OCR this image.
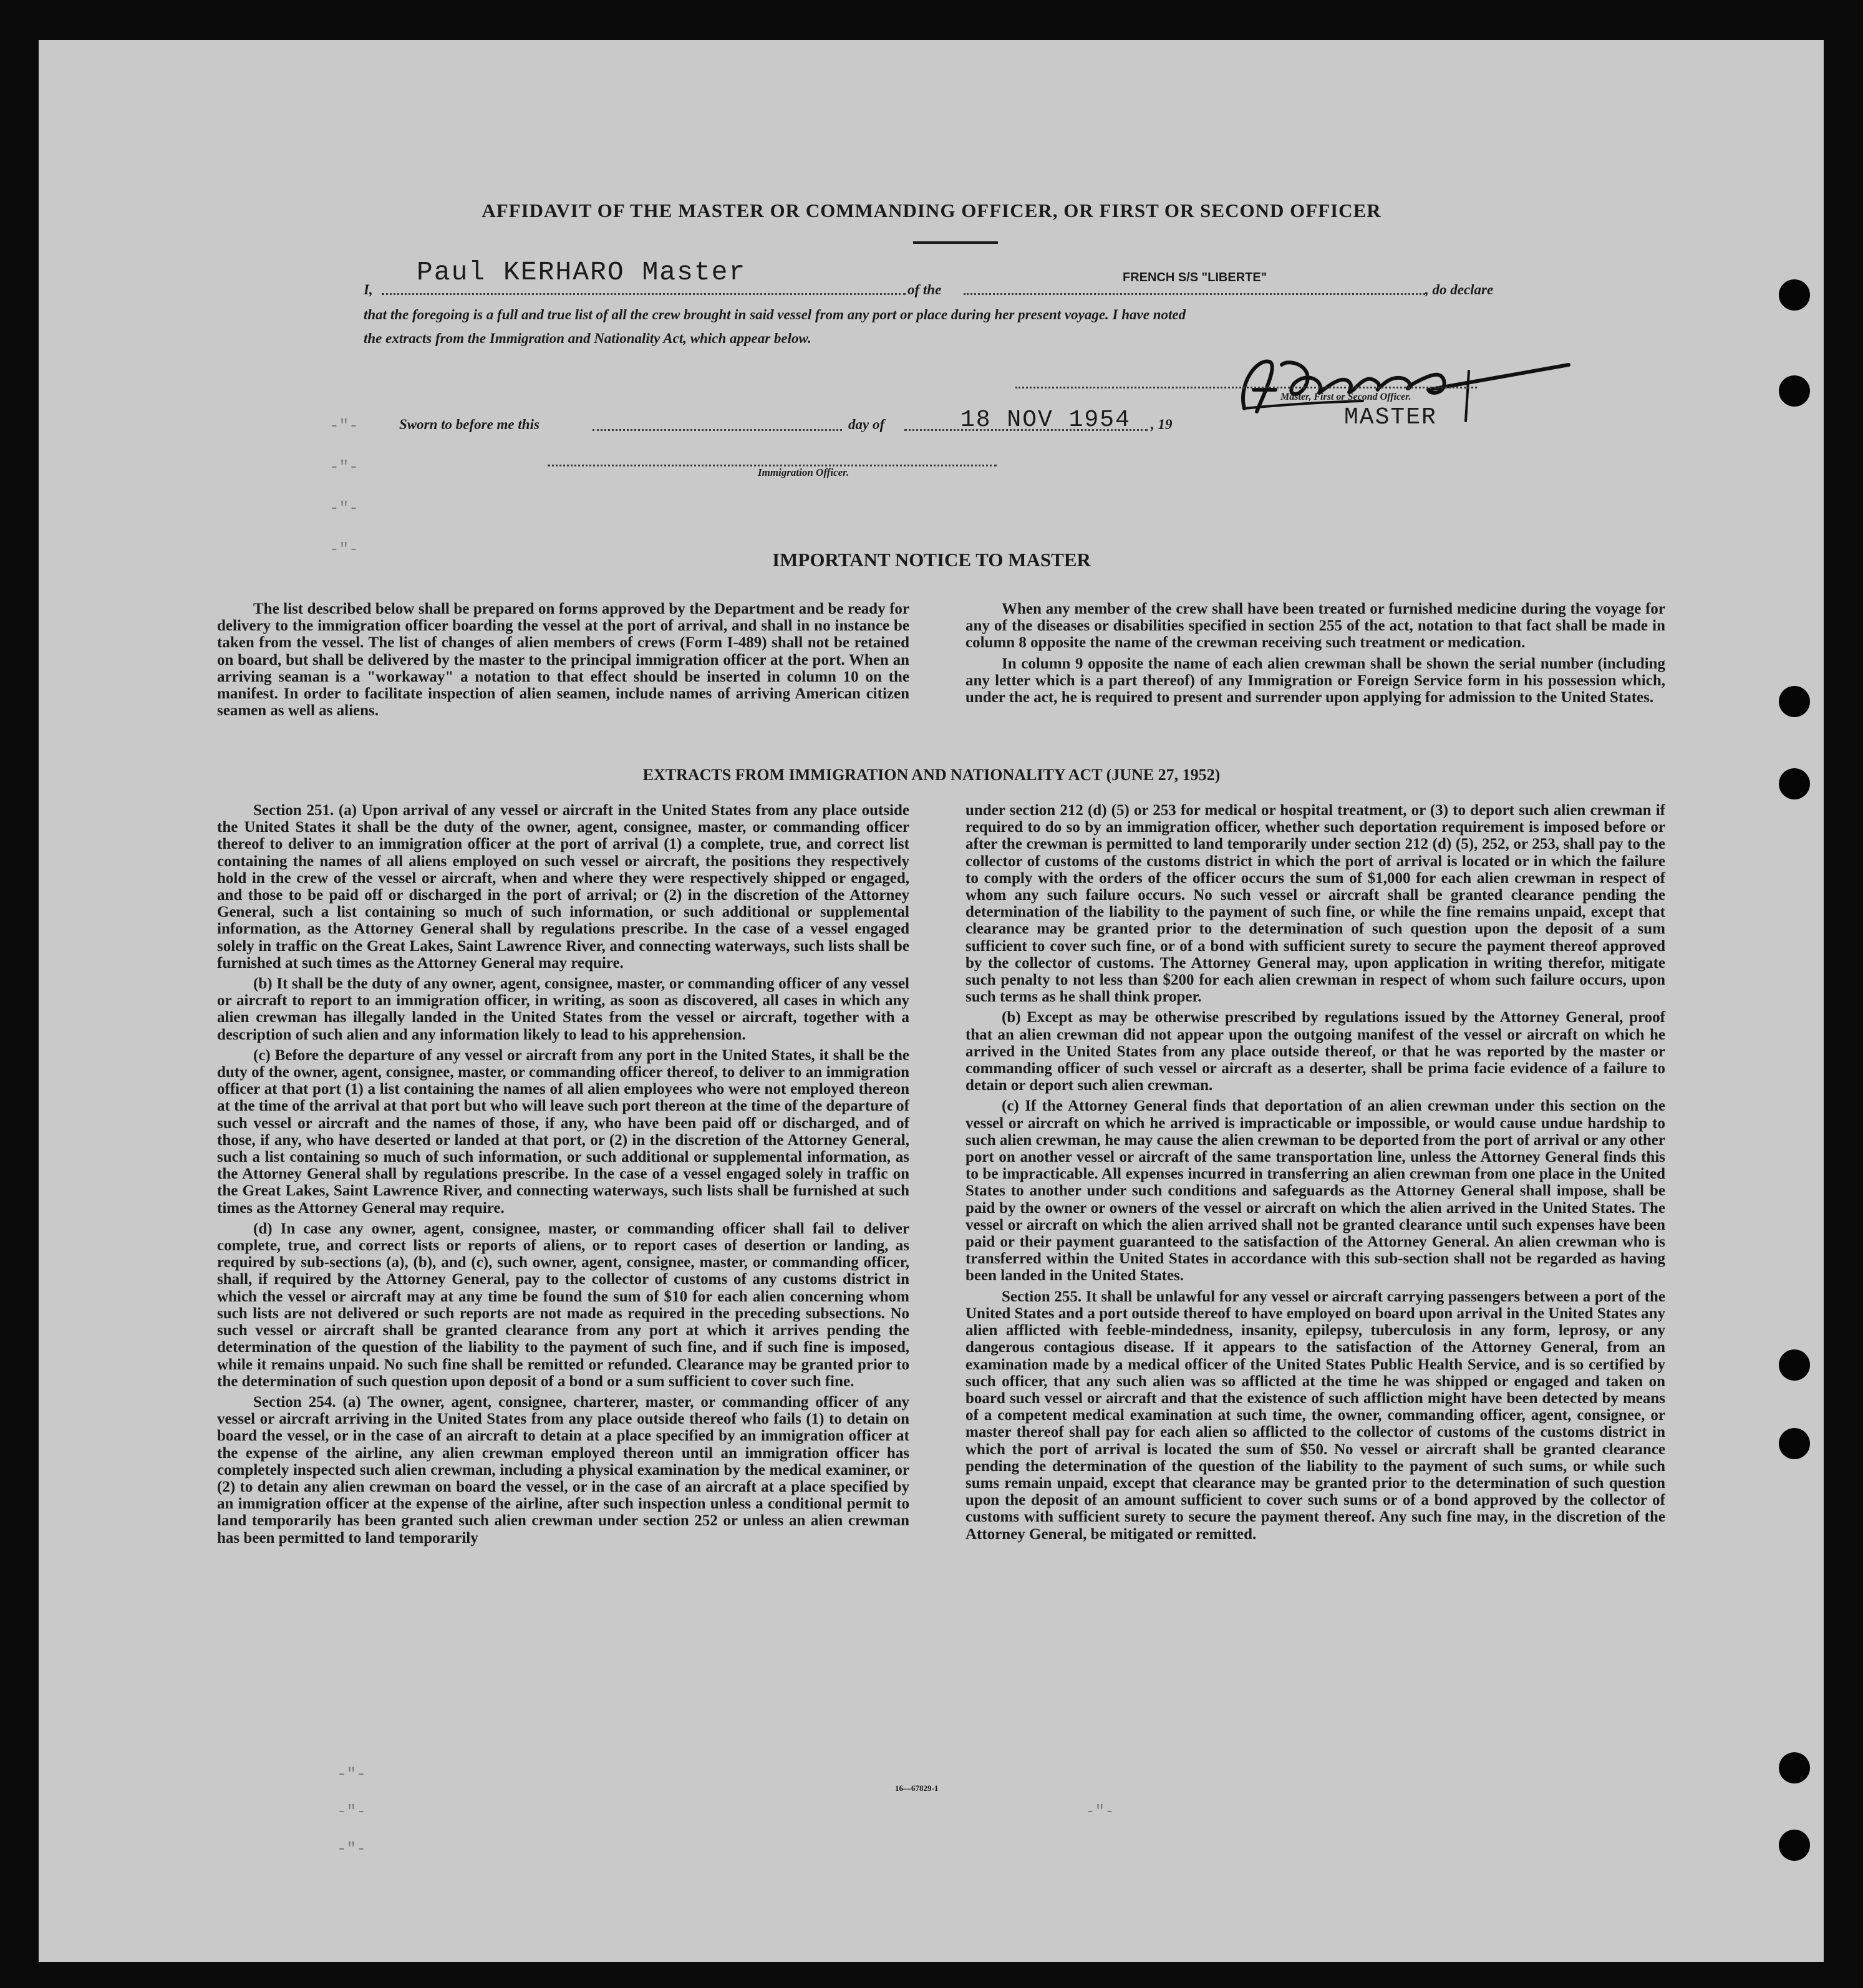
-"-
-"-
-"-
-"-
-"-
-"-
-"-
-"-
AFFIDAVIT OF THE MASTER OR COMMANDING OFFICER, OR FIRST OR SECOND OFFICER
I,
Paul KERHARO Master
of the
FRENCH S/S "LIBERTE"
, do declare
that the foregoing is a full and true list of all the crew brought in said vessel from any port or place during her present voyage. I have noted
the extracts from the Immigration and Nationality Act, which appear below.
Master, First or Second Officer.
MASTER
Sworn to before me this	day of	18 NOV 1954 , 19
Immigration Officer.
IMPORTANT NOTICE TO MASTER

The list described below shall be prepared on forms approved by the Department and be ready for delivery to the immigration officer boarding the vessel at the port of arrival, and shall in no instance be taken from the vessel. The list of changes of alien members of crews (Form I-489) shall not be retained on board, but shall be delivered by the master to the principal immigration officer at the port. When an arriving seaman is a "workaway" a notation to that effect should be inserted in column 10 on the manifest. In order to facilitate inspection of alien seamen, include names of arriving American citizen seamen as well as aliens.

When any member of the crew shall have been treated or furnished medicine during the voyage for any of the diseases or disabilities specified in section 255 of the act, notation to that fact shall be made in column 8 opposite the name of the crewman receiving such treatment or medication.

In column 9 opposite the name of each alien crewman shall be shown the serial number (including any letter which is a part thereof) of any Immigration or Foreign Service form in his possession which, under the act, he is required to present and surrender upon applying for admission to the United States.

EXTRACTS FROM IMMIGRATION AND NATIONALITY ACT (JUNE 27, 1952)

Section 251. (a) Upon arrival of any vessel or aircraft in the United States from any place outside the United States it shall be the duty of the owner, agent, consignee, master, or commanding officer thereof to deliver to an immigration officer at the port of arrival (1) a complete, true, and correct list containing the names of all aliens employed on such vessel or aircraft, the positions they respectively hold in the crew of the vessel or aircraft, when and where they were respectively shipped or engaged, and those to be paid off or discharged in the port of arrival; or (2) in the discretion of the Attorney General, such a list containing so much of such information, or such additional or supplemental information, as the Attorney General shall by regulations prescribe. In the case of a vessel engaged solely in traffic on the Great Lakes, Saint Lawrence River, and connecting waterways, such lists shall be furnished at such times as the Attorney General may require.

(b) It shall be the duty of any owner, agent, consignee, master, or commanding officer of any vessel or aircraft to report to an immigration officer, in writing, as soon as discovered, all cases in which any alien crewman has illegally landed in the United States from the vessel or aircraft, together with a description of such alien and any information likely to lead to his apprehension.

(c) Before the departure of any vessel or aircraft from any port in the United States, it shall be the duty of the owner, agent, consignee, master, or commanding officer thereof, to deliver to an immigration officer at that port (1) a list containing the names of all alien employees who were not employed thereon at the time of the arrival at that port but who will leave such port thereon at the time of the departure of such vessel or aircraft and the names of those, if any, who have been paid off or discharged, and of those, if any, who have deserted or landed at that port, or (2) in the discretion of the Attorney General, such a list containing so much of such information, or such additional or supplemental information, as the Attorney General shall by regulations prescribe. In the case of a vessel engaged solely in traffic on the Great Lakes, Saint Lawrence River, and connecting waterways, such lists shall be furnished at such times as the Attorney General may require.

(d) In case any owner, agent, consignee, master, or commanding officer shall fail to deliver complete, true, and correct lists or reports of aliens, or to report cases of desertion or landing, as required by sub-sections (a), (b), and (c), such owner, agent, consignee, master, or commanding officer, shall, if required by the Attorney General, pay to the collector of customs of any customs district in which the vessel or aircraft may at any time be found the sum of $10 for each alien concerning whom such lists are not delivered or such reports are not made as required in the preceding subsections. No such vessel or aircraft shall be granted clearance from any port at which it arrives pending the determination of the question of the liability to the payment of such fine, and if such fine is imposed, while it remains unpaid. No such fine shall be remitted or refunded. Clearance may be granted prior to the determination of such question upon deposit of a bond or a sum sufficient to cover such fine.

Section 254. (a) The owner, agent, consignee, charterer, master, or commanding officer of any vessel or aircraft arriving in the United States from any place outside thereof who fails (1) to detain on board the vessel, or in the case of an aircraft to detain at a place specified by an immigration officer at the expense of the airline, any alien crewman employed thereon until an immigration officer has completely inspected such alien crewman, including a physical examination by the medical examiner, or (2) to detain any alien crewman on board the vessel, or in the case of an aircraft at a place specified by an immigration officer at the expense of the airline, after such inspection unless a conditional permit to land temporarily has been granted such alien crewman under section 252 or unless an alien crewman has been permitted to land temporarily

under section 212 (d) (5) or 253 for medical or hospital treatment, or (3) to deport such alien crewman if required to do so by an immigration officer, whether such deportation requirement is imposed before or after the crewman is permitted to land temporarily under section 212 (d) (5), 252, or 253, shall pay to the collector of customs of the customs district in which the port of arrival is located or in which the failure to comply with the orders of the officer occurs the sum of $1,000 for each alien crewman in respect of whom any such failure occurs. No such vessel or aircraft shall be granted clearance pending the determination of the liability to the payment of such fine, or while the fine remains unpaid, except that clearance may be granted prior to the determination of such question upon the deposit of a sum sufficient to cover such fine, or of a bond with sufficient surety to secure the payment thereof approved by the collector of customs. The Attorney General may, upon application in writing therefor, mitigate such penalty to not less than $200 for each alien crewman in respect of whom such failure occurs, upon such terms as he shall think proper.

(b) Except as may be otherwise prescribed by regulations issued by the Attorney General, proof that an alien crewman did not appear upon the outgoing manifest of the vessel or aircraft on which he arrived in the United States from any place outside thereof, or that he was reported by the master or commanding officer of such vessel or aircraft as a deserter, shall be prima facie evidence of a failure to detain or deport such alien crewman.

(c) If the Attorney General finds that deportation of an alien crewman under this section on the vessel or aircraft on which he arrived is impracticable or impossible, or would cause undue hardship to such alien crewman, he may cause the alien crewman to be deported from the port of arrival or any other port on another vessel or aircraft of the same transportation line, unless the Attorney General finds this to be impracticable. All expenses incurred in transferring an alien crewman from one place in the United States to another under such conditions and safeguards as the Attorney General shall impose, shall be paid by the owner or owners of the vessel or aircraft on which the alien arrived in the United States. The vessel or aircraft on which the alien arrived shall not be granted clearance until such expenses have been paid or their payment guaranteed to the satisfaction of the Attorney General. An alien crewman who is transferred within the United States in accordance with this sub-section shall not be regarded as having been landed in the United States.

Section 255. It shall be unlawful for any vessel or aircraft carrying passengers between a port of the United States and a port outside thereof to have employed on board upon arrival in the United States any alien afflicted with feeble-mindedness, insanity, epilepsy, tuberculosis in any form, leprosy, or any dangerous contagious disease. If it appears to the satisfaction of the Attorney General, from an examination made by a medical officer of the United States Public Health Service, and is so certified by such officer, that any such alien was so afflicted at the time he was shipped or engaged and taken on board such vessel or aircraft and that the existence of such affliction might have been detected by means of a competent medical examination at such time, the owner, commanding officer, agent, consignee, or master thereof shall pay for each alien so afflicted to the collector of customs of the customs district in which the port of arrival is located the sum of $50. No vessel or aircraft shall be granted clearance pending the determination of the question of the liability to the payment of such sums, or while such sums remain unpaid, except that clearance may be granted prior to the determination of such question upon the deposit of an amount sufficient to cover such sums or of a bond approved by the collector of customs with sufficient surety to secure the payment thereof. Any such fine may, in the discretion of the Attorney General, be mitigated or remitted.

16—67829-1
